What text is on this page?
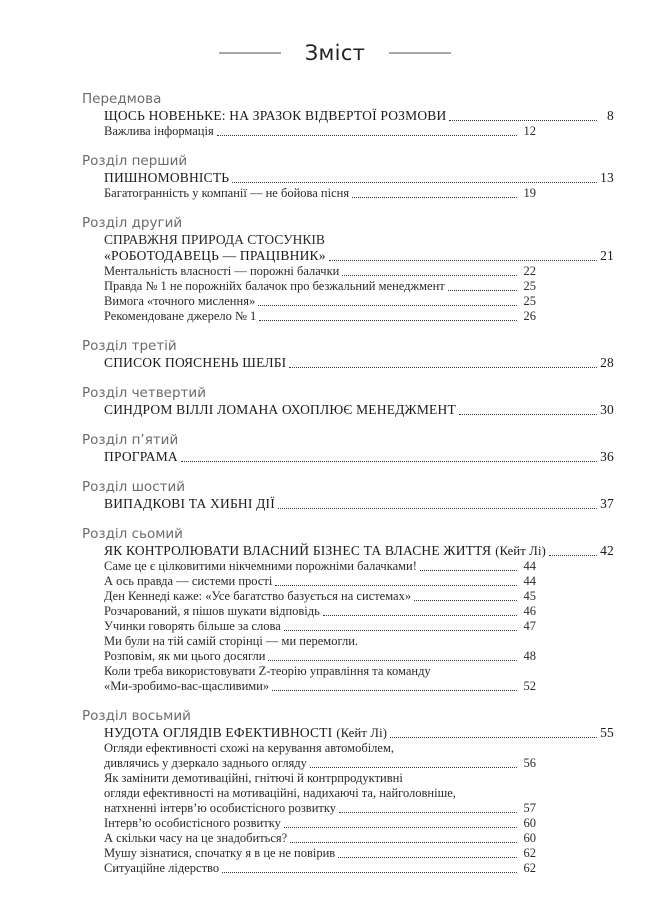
Зміст
Передмова
ЩОСЬ НОВЕНЬКЕ: НА ЗРАЗОК ВІДВЕРТОЇ РОЗМОВИ	8
Важлива інформація	12
Розділ перший
ПИШНОМОВНІСТЬ	13
Багатогранність у компанії — не бойова пісня	19
Розділ другий
СПРАВЖНЯ ПРИРОДА СТОСУНКІВ
«РОБОТОДАВЕЦЬ — ПРАЦІВНИК»	21
Ментальність власності — порожні балачки	22
Правда № 1 не порожнійх балачок про безжальний менеджмент	25
Вимога «точного мислення»	25
Рекомендоване джерело № 1	26
Розділ третій
СПИСОК ПОЯСНЕНЬ ШЕЛБІ	28
Розділ четвертий
СИНДРОМ ВІЛЛІ ЛОМАНА ОХОПЛЮЄ МЕНЕДЖМЕНТ	30
Розділ п’ятий
ПРОГРАМА	36
Розділ шостий
ВИПАДКОВІ ТА ХИБНІ ДІЇ	37
Розділ сьомий
ЯК КОНТРОЛЮВАТИ ВЛАСНИЙ БІЗНЕС ТА ВЛАСНЕ ЖИТТЯ (Кейт Лі)	42
Саме це є цілковитими нікчемними порожніми балачками!	44
А ось правда — системи прості	44
Ден Кеннеді каже: «Усе багатство базується на системах»	45
Розчарований, я пішов шукати відповідь	46
Учинки говорять більше за слова	47
Ми були на тій самій сторінці — ми перемогли.
Розповім, як ми цього досягли	48
Коли треба використовувати Z-теорію управління та команду
«Ми-зробимо-вас-щасливими»	52
Розділ восьмий
НУДОТА ОГЛЯДІВ ЕФЕКТИВНОСТІ (Кейт Лі)	55
Огляди ефективності схожі на керування автомобілем,
дивлячись у дзеркало заднього огляду	56
Як замінити демотиваційні, гнітючі й контрпродуктивні
огляди ефективності на мотиваційні, надихаючі та, найголовніше,
натхненні інтерв’ю особистісного розвитку	57
Інтерв’ю особистісного розвитку	60
А скільки часу на це знадобиться?	60
Мушу зізнатися, спочатку я в це не повірив	62
Ситуаційне лідерство	62
